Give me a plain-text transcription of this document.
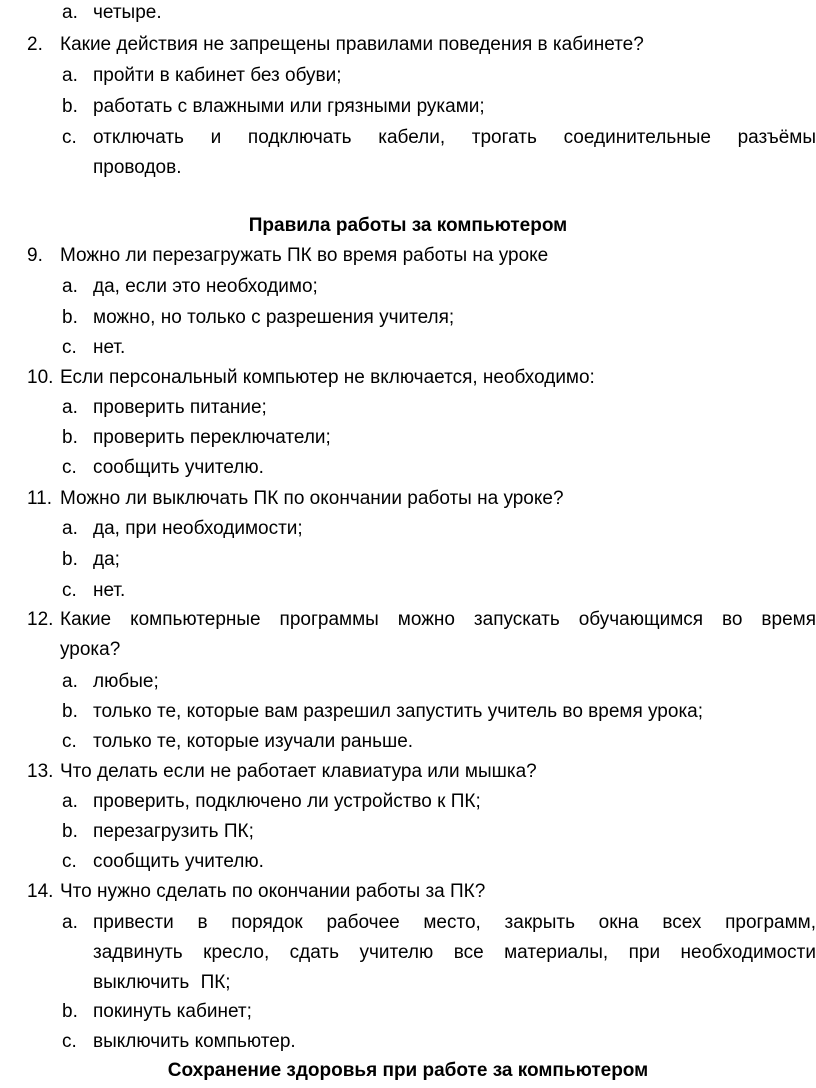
a. четыре.
2. Какие действия не запрещены правилами поведения в кабинете?
a. пройти в кабинет без обуви;
b. работать с влажными или грязными руками;
c. отключать и подключать кабели, трогать соединительные разъёмы проводов.
Правила работы за компьютером
9. Можно ли перезагружать ПК во время работы на уроке
a. да, если это необходимо;
b. можно, но только с разрешения учителя;
c. нет.
10. Если персональный компьютер не включается, необходимо:
a. проверить питание;
b. проверить переключатели;
c. сообщить учителю.
11. Можно ли выключать ПК по окончании работы на уроке?
a. да, при необходимости;
b. да;
c. нет.
12. Какие компьютерные программы можно запускать обучающимся во время урока?
a. любые;
b. только те, которые вам разрешил запустить учитель во время урока;
c. только те, которые изучали раньше.
13. Что делать если не работает клавиатура или мышка?
a. проверить, подключено ли устройство к ПК;
b. перезагрузить ПК;
c. сообщить учителю.
14. Что нужно сделать по окончании работы за ПК?
a. привести в порядок рабочее место, закрыть окна всех программ, задвинуть кресло, сдать учителю все материалы, при необходимости выключить ПК;
b. покинуть кабинет;
c. выключить компьютер.
Сохранение здоровья при работе за компьютером
